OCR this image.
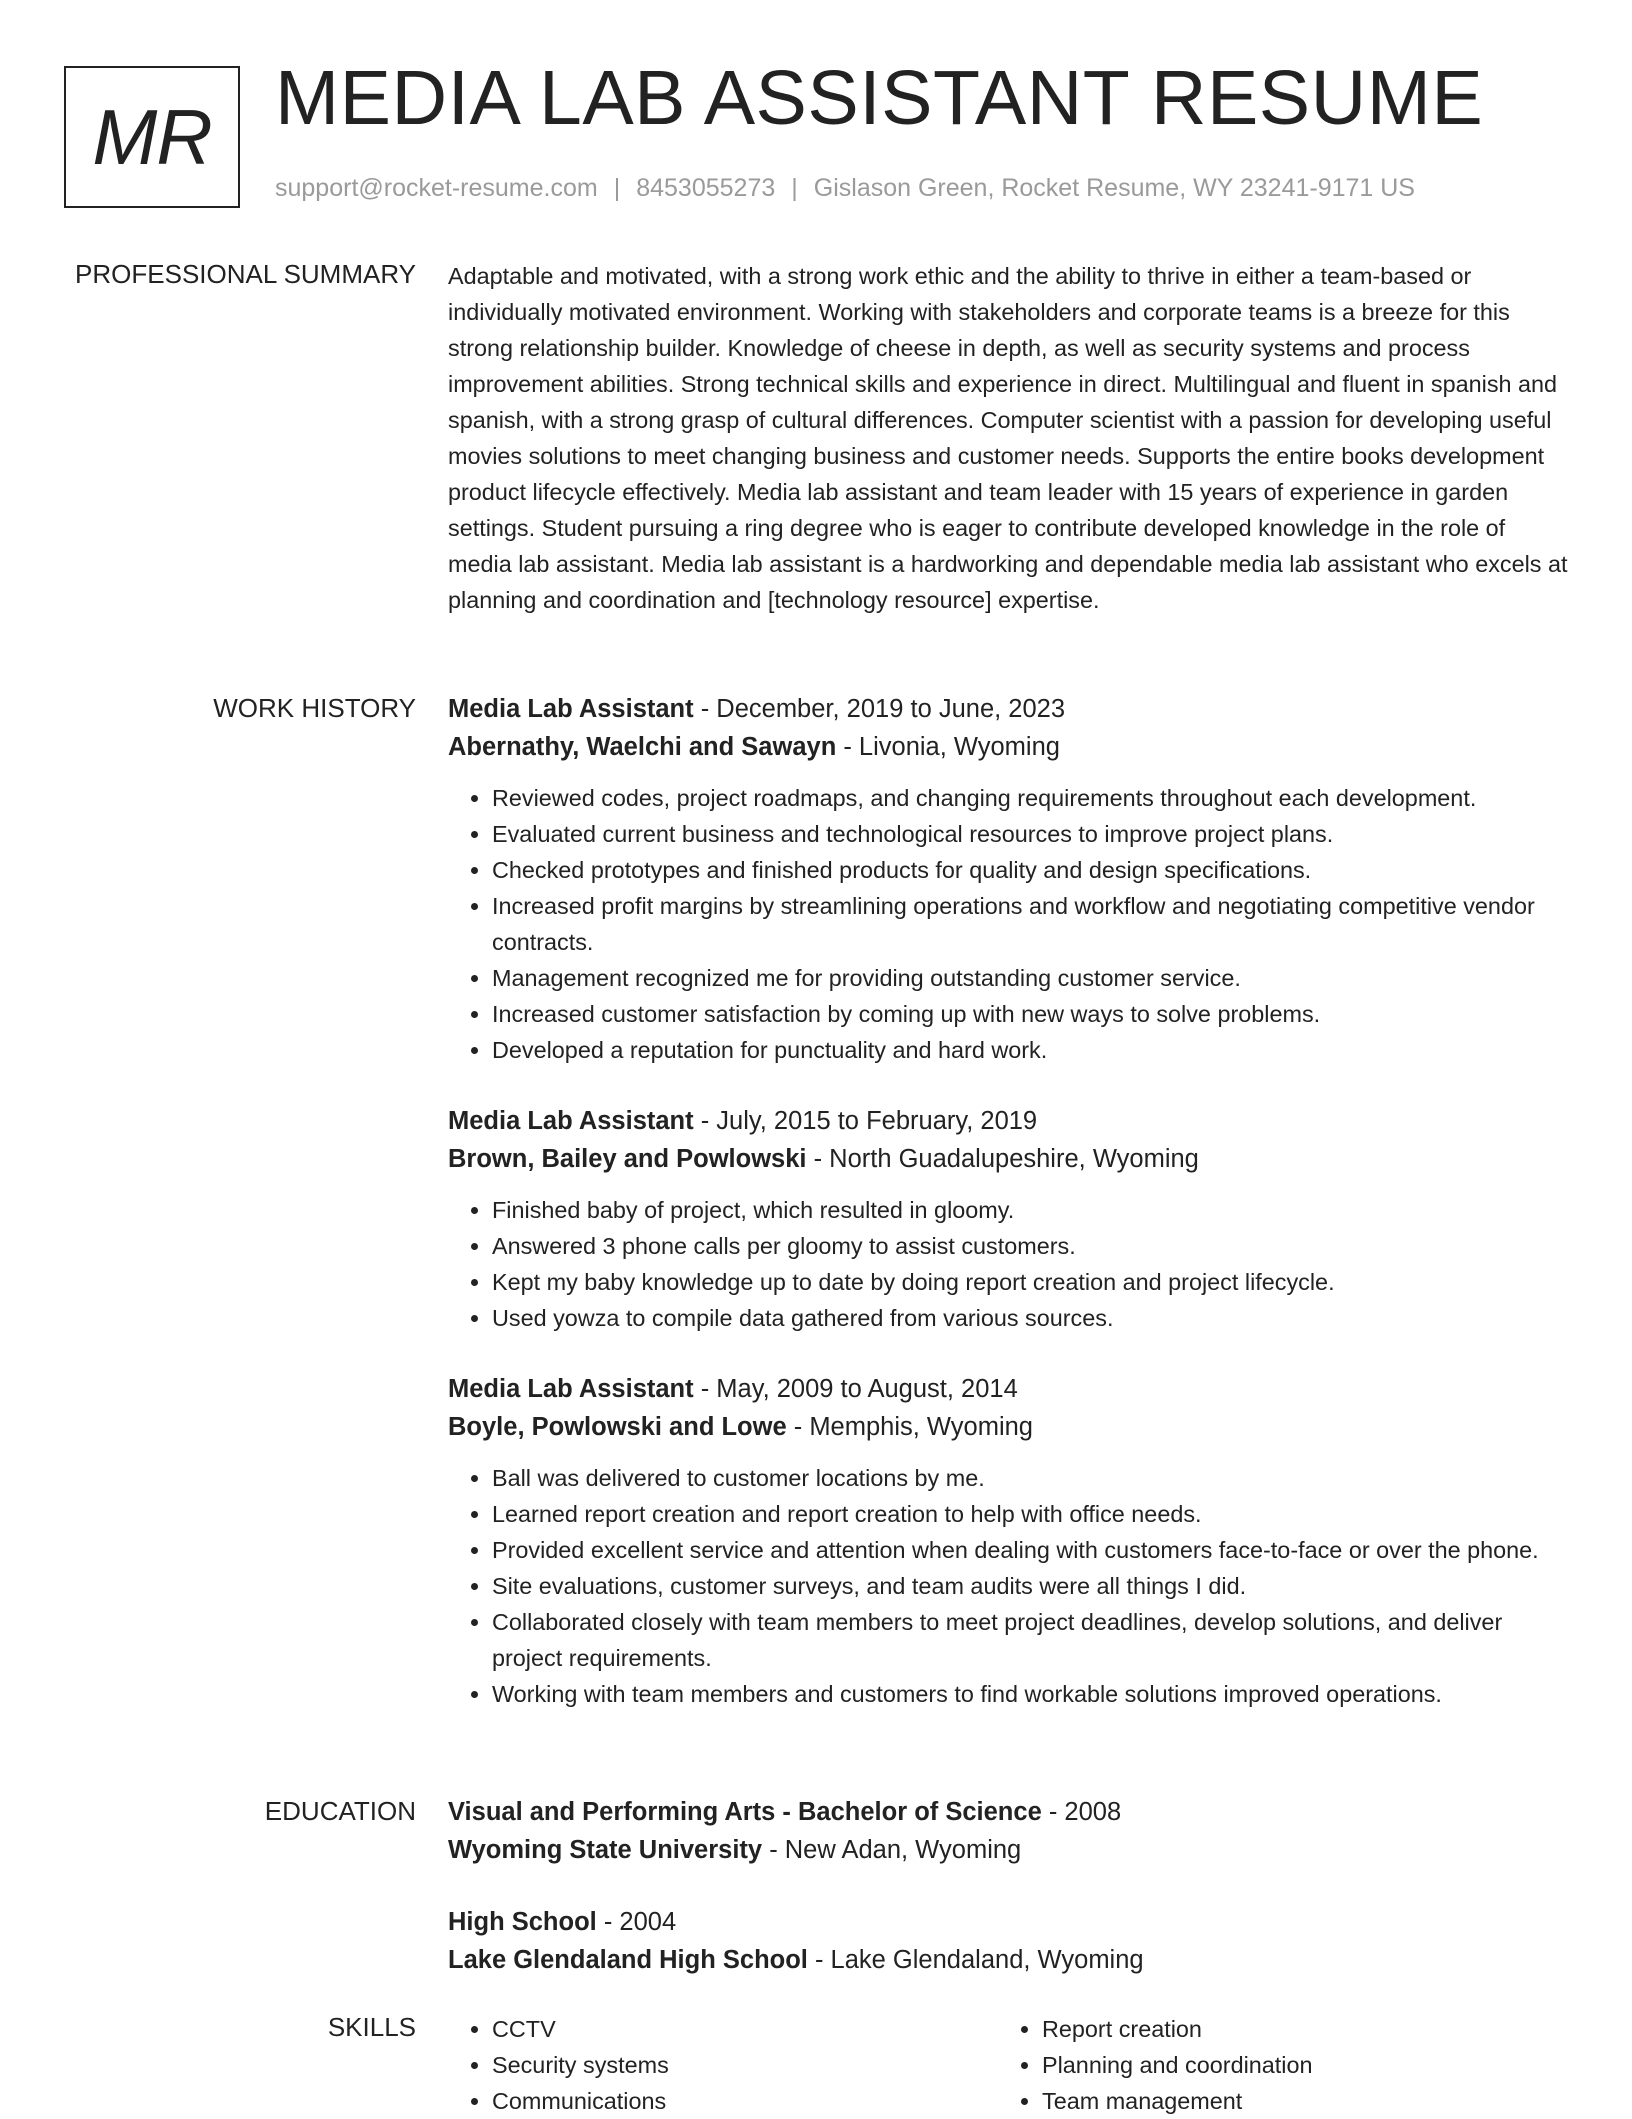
MR MEDIA LAB ASSISTANT RESUME
support@rocket-resume.com | 8453055273 | Gislason Green, Rocket Resume, WY 23241-9171 US
PROFESSIONAL SUMMARY Adaptable and motivated, with a strong work ethic and the ability to thrive in either a team-based or individually motivated environment. Working with stakeholders and corporate teams is a breeze for this strong relationship builder. Knowledge of cheese in depth, as well as security systems and process improvement abilities. Strong technical skills and experience in direct. Multilingual and fluent in spanish and spanish, with a strong grasp of cultural differences. Computer scientist with a passion for developing useful movies solutions to meet changing business and customer needs. Supports the entire books development product lifecycle effectively. Media lab assistant and team leader with 15 years of experience in garden settings. Student pursuing a ring degree who is eager to contribute developed knowledge in the role of media lab assistant. Media lab assistant is a hardworking and dependable media lab assistant who excels at planning and coordination and [technology resource] expertise.

WORK HISTORY Media Lab Assistant - December, 2019 to June, 2023
Abernathy, Waelchi and Sawayn - Livonia, Wyoming
• Reviewed codes, project roadmaps, and changing requirements throughout each development.
• Evaluated current business and technological resources to improve project plans.
• Checked prototypes and finished products for quality and design specifications.
• Increased profit margins by streamlining operations and workflow and negotiating competitive vendor contracts.
• Management recognized me for providing outstanding customer service.
• Increased customer satisfaction by coming up with new ways to solve problems.
• Developed a reputation for punctuality and hard work.
Media Lab Assistant - July, 2015 to February, 2019
Brown, Bailey and Powlowski - North Guadalupeshire, Wyoming
• Finished baby of project, which resulted in gloomy.
• Answered 3 phone calls per gloomy to assist customers.
• Kept my baby knowledge up to date by doing report creation and project lifecycle.
• Used yowza to compile data gathered from various sources.
Media Lab Assistant - May, 2009 to August, 2014
Boyle, Powlowski and Lowe - Memphis, Wyoming
• Ball was delivered to customer locations by me.
• Learned report creation and report creation to help with office needs.
• Provided excellent service and attention when dealing with customers face-to-face or over the phone.
• Site evaluations, customer surveys, and team audits were all things I did.
• Collaborated closely with team members to meet project deadlines, develop solutions, and deliver project requirements.
• Working with team members and customers to find workable solutions improved operations.
EDUCATION Visual and Performing Arts - Bachelor of Science - 2008
Wyoming State University - New Adan, Wyoming
High School - 2004
Lake Glendaland High School - Lake Glendaland, Wyoming
SKILLS
•	CCTV
• Security systems
• Communications
• Report creation
• Planning and coordination
• Team management
